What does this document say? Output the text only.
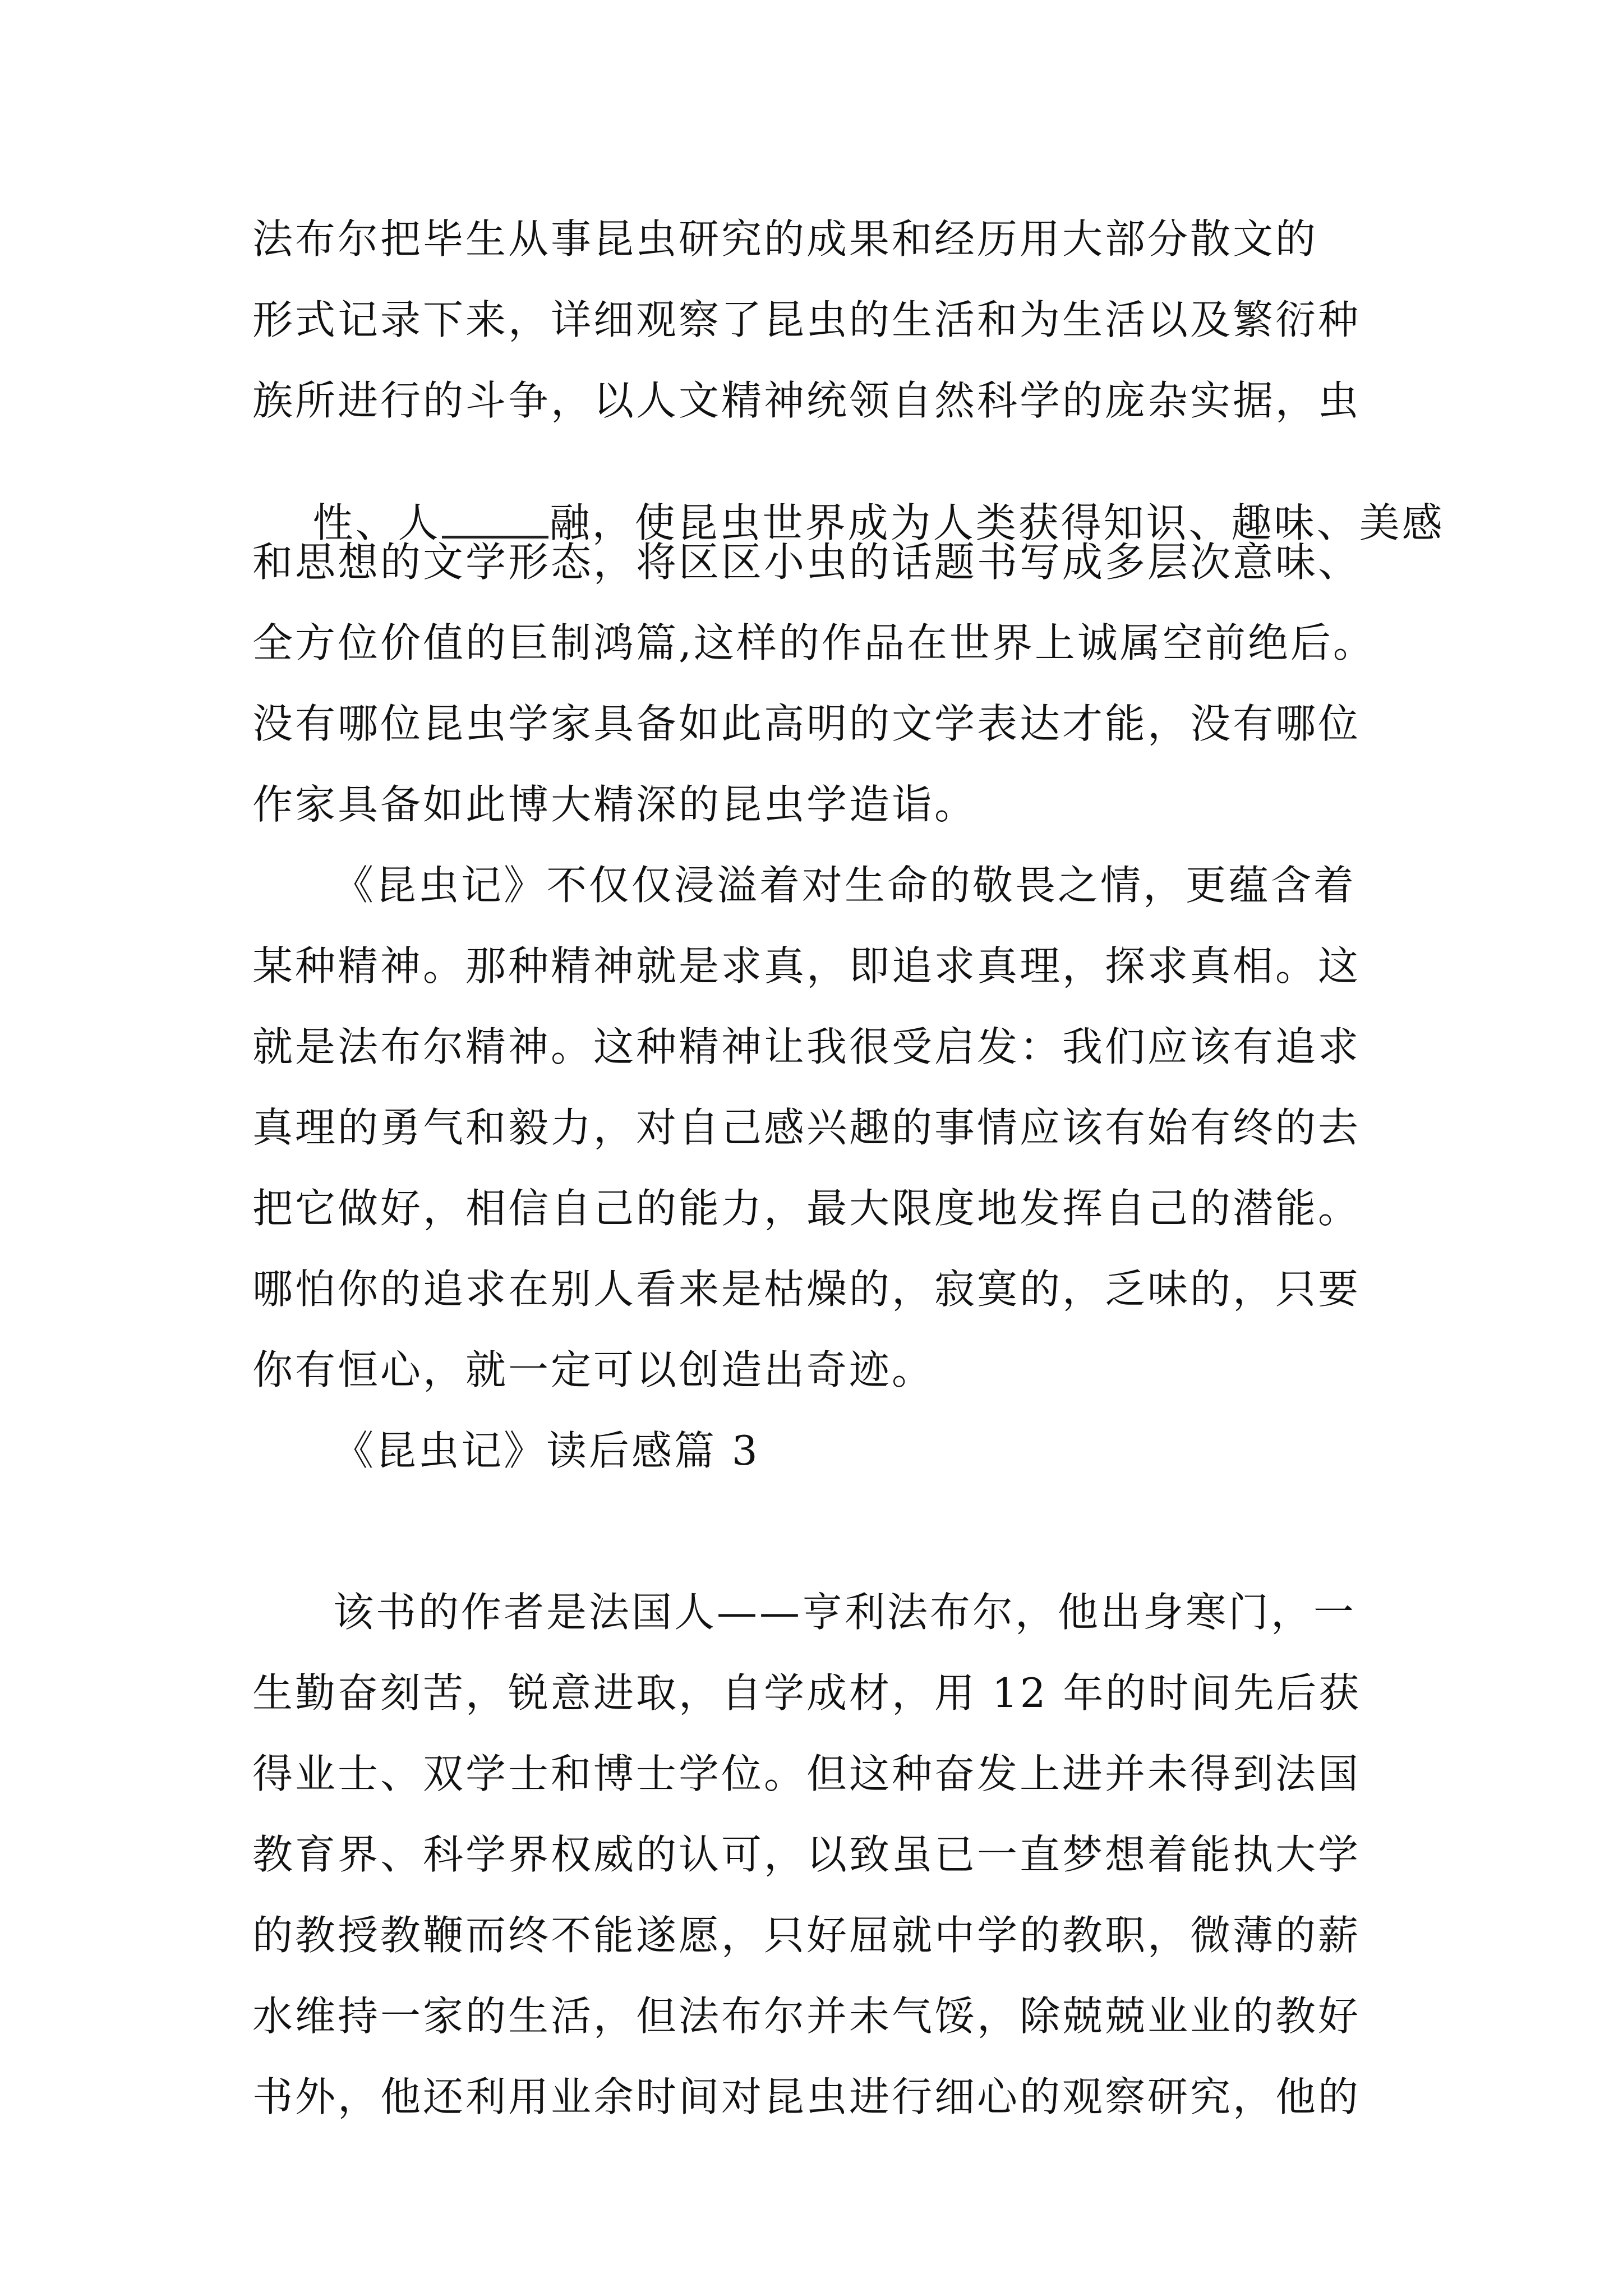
法布尔把毕生从事昆虫研究的成果和经历用大部分散文的
形式记录下来，详细观察了昆虫的生活和为生活以及繁衍种
族所进行的斗争，以人文精神统领自然科学的庞杂实据，虫

性、人	融，使昆虫世界成为人类获得知识、趣味、美感

和思想的文学形态，将区区小虫的话题书写成多层次意味、
全方位价值的巨制鸿篇,这样的作品在世界上诚属空前绝后。
没有哪位昆虫学家具备如此高明的文学表达才能，没有哪位
作家具备如此博大精深的昆虫学造诣。
《昆虫记》不仅仅浸溢着对生命的敬畏之情，更蕴含着
某种精神。那种精神就是求真，即追求真理，探求真相。这
就是法布尔精神。这种精神让我很受启发：我们应该有追求
真理的勇气和毅力，对自己感兴趣的事情应该有始有终的去
把它做好，相信自己的能力，最大限度地发挥自己的潜能。
哪怕你的追求在别人看来是枯燥的，寂寞的，乏味的，只要
你有恒心，就一定可以创造出奇迹。
《昆虫记》读后感篇 3
该书的作者是法国人——亨利法布尔，他出身寒门，一
生勤奋刻苦，锐意进取，自学成材，用 12 年的时间先后获
得业士、双学士和博士学位。但这种奋发上进并未得到法国
教育界、科学界权威的认可，以致虽已一直梦想着能执大学
的教授教鞭而终不能遂愿，只好屈就中学的教职，微薄的薪
水维持一家的生活，但法布尔并未气馁，除兢兢业业的教好
书外，他还利用业余时间对昆虫进行细心的观察研究，他的
